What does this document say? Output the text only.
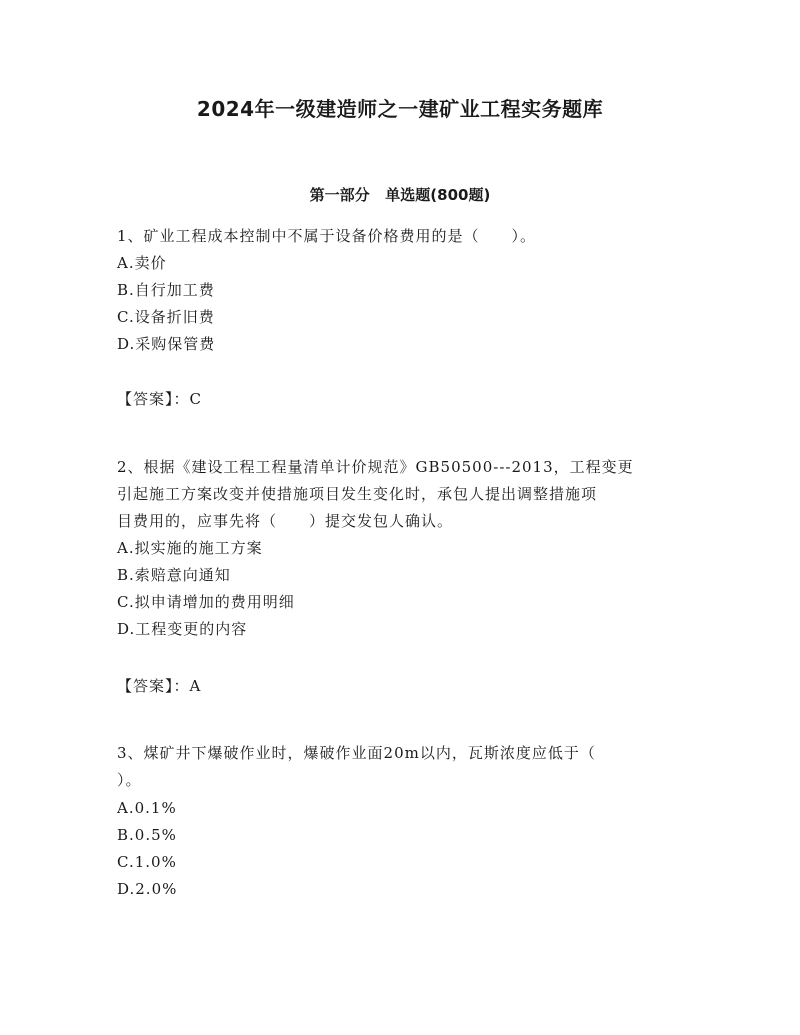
2024年一级建造师之一建矿业工程实务题库
第一部分   单选题(800题)
1、矿业工程成本控制中不属于设备价格费用的是（　　）。
A.卖价
B.自行加工费
C.设备折旧费
D.采购保管费
【答案】：C
2、根据《建设工程工程量清单计价规范》GB50500---2013，工程变更
引起施工方案改变并使措施项目发生变化时，承包人提出调整措施项
目费用的，应事先将（　　）提交发包人确认。
A.拟实施的施工方案
B.索赔意向通知
C.拟申请增加的费用明细
D.工程变更的内容
【答案】：A
3、煤矿井下爆破作业时，爆破作业面20m以内，瓦斯浓度应低于（
）。
A.0.1%
B.0.5%
C.1.0%
D.2.0%
